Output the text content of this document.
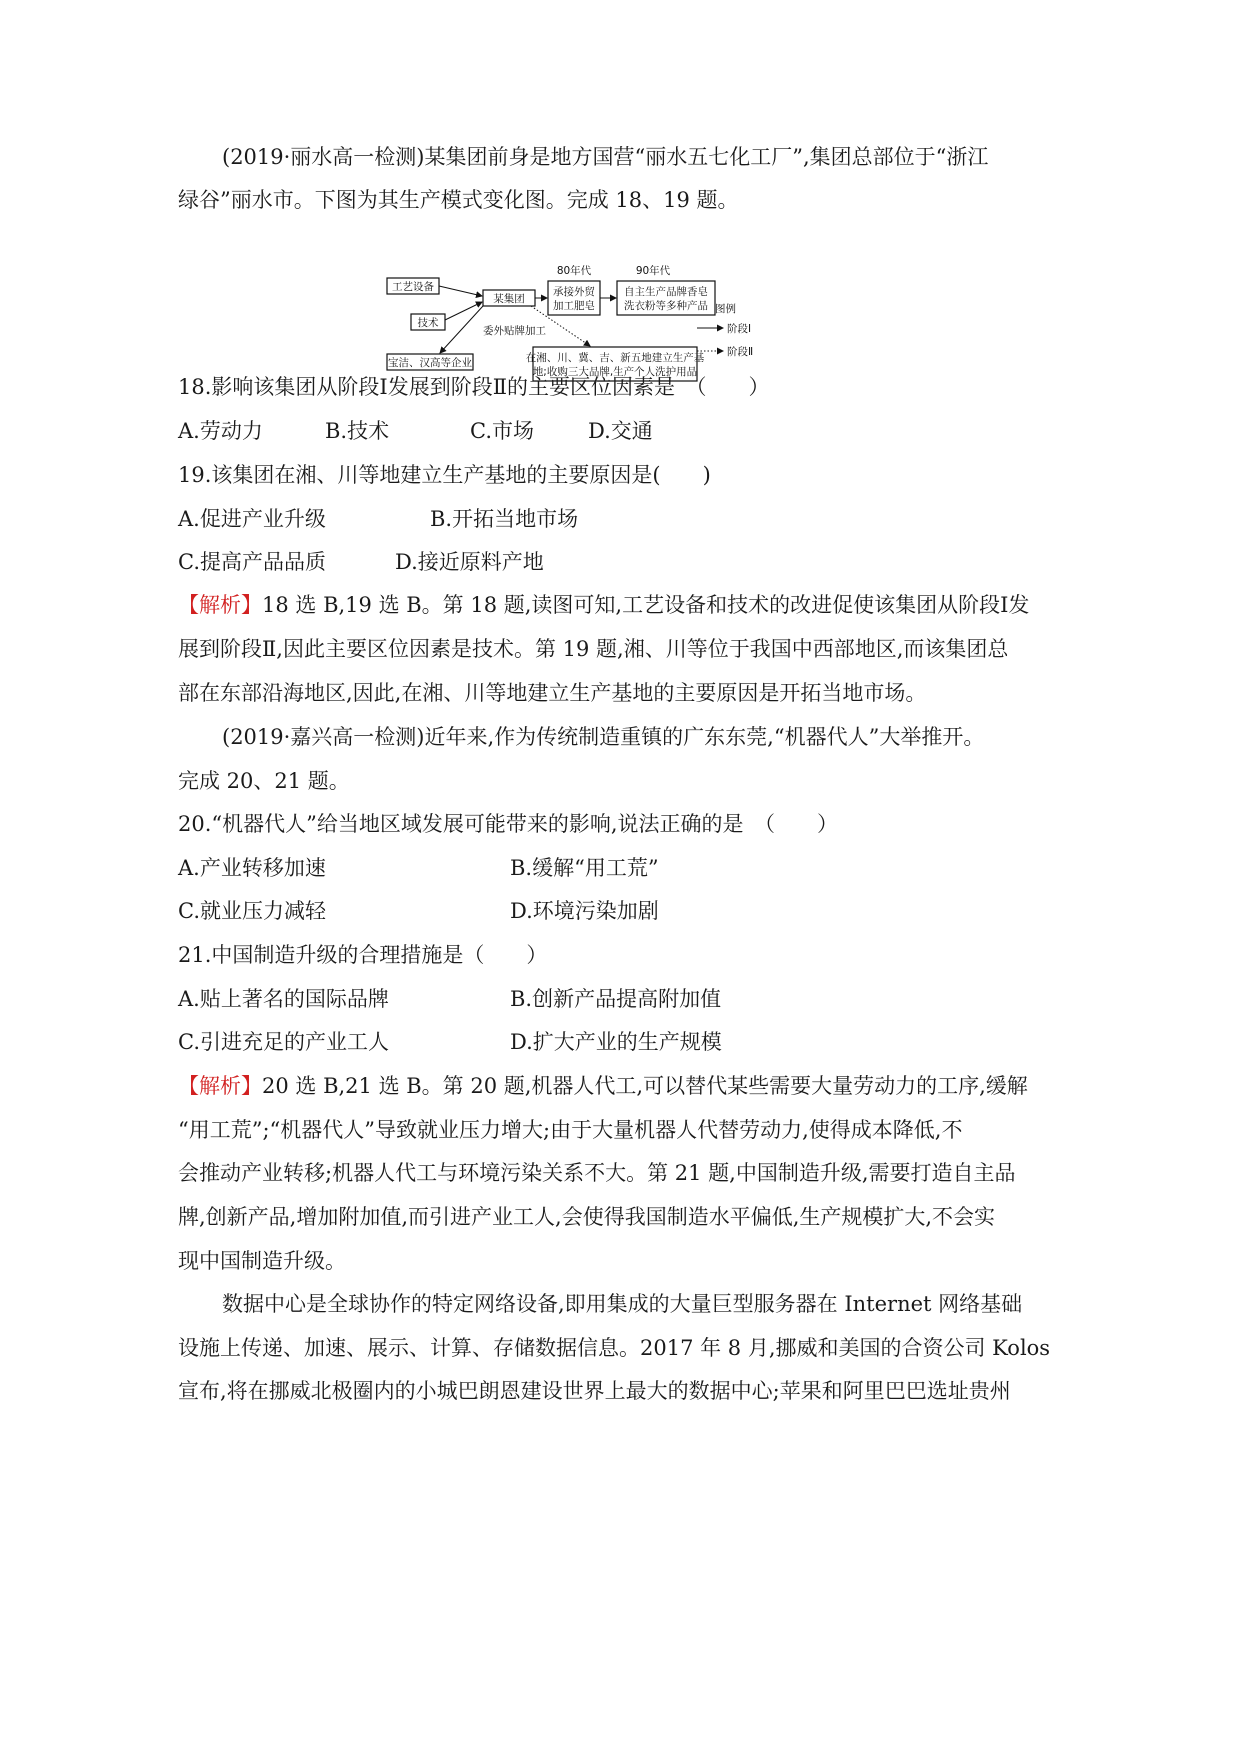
(2019·丽水高一检测)某集团前身是地方国营“丽水五七化工厂”,集团总部位于“浙江
绿谷”丽水市。下图为其生产模式变化图。完成 18、19 题。
工艺设备
技术
某集团
80年代	90年代
承接外贸
加工肥皂
自主生产品牌香皂
洗衣粉等多种产品
委外贴牌加工
宝洁、汉高等企业	在湘、川、冀、吉、新五地建立生产基
地;收购三大品牌,生产个人洗护用品
图例
阶段Ⅰ
阶段Ⅱ
18.影响该集团从阶段Ⅰ发展到阶段Ⅱ的主要区位因素是　（　　）
A.劳动力	B.技术	C.市场	D.交通
19.该集团在湘、川等地建立生产基地的主要原因是(　　)
A.促进产业升级	B.开拓当地市场
C.提高产品品质	D.接近原料产地
【解析】18 选 B,19 选 B。第 18 题,读图可知,工艺设备和技术的改进促使该集团从阶段Ⅰ发
展到阶段Ⅱ,因此主要区位因素是技术。第 19 题,湘、川等位于我国中西部地区,而该集团总
部在东部沿海地区,因此,在湘、川等地建立生产基地的主要原因是开拓当地市场。
(2019·嘉兴高一检测)近年来,作为传统制造重镇的广东东莞,“机器代人”大举推开。
完成 20、21 题。
20.“机器代人”给当地区域发展可能带来的影响,说法正确的是　（　　）
A.产业转移加速	B.缓解“用工荒”
C.就业压力减轻	D.环境污染加剧
21.中国制造升级的合理措施是（　　）
A.贴上著名的国际品牌	B.创新产品提高附加值
C.引进充足的产业工人	D.扩大产业的生产规模
【解析】20 选 B,21 选 B。第 20 题,机器人代工,可以替代某些需要大量劳动力的工序,缓解
“用工荒”;“机器代人”导致就业压力增大;由于大量机器人代替劳动力,使得成本降低,不
会推动产业转移;机器人代工与环境污染关系不大。第 21 题,中国制造升级,需要打造自主品
牌,创新产品,增加附加值,而引进产业工人,会使得我国制造水平偏低,生产规模扩大,不会实
现中国制造升级。
数据中心是全球协作的特定网络设备,即用集成的大量巨型服务器在 Internet 网络基础
设施上传递、加速、展示、计算、存储数据信息。2017 年 8 月,挪威和美国的合资公司 Kolos
宣布,将在挪威北极圈内的小城巴朗恩建设世界上最大的数据中心;苹果和阿里巴巴选址贵州
